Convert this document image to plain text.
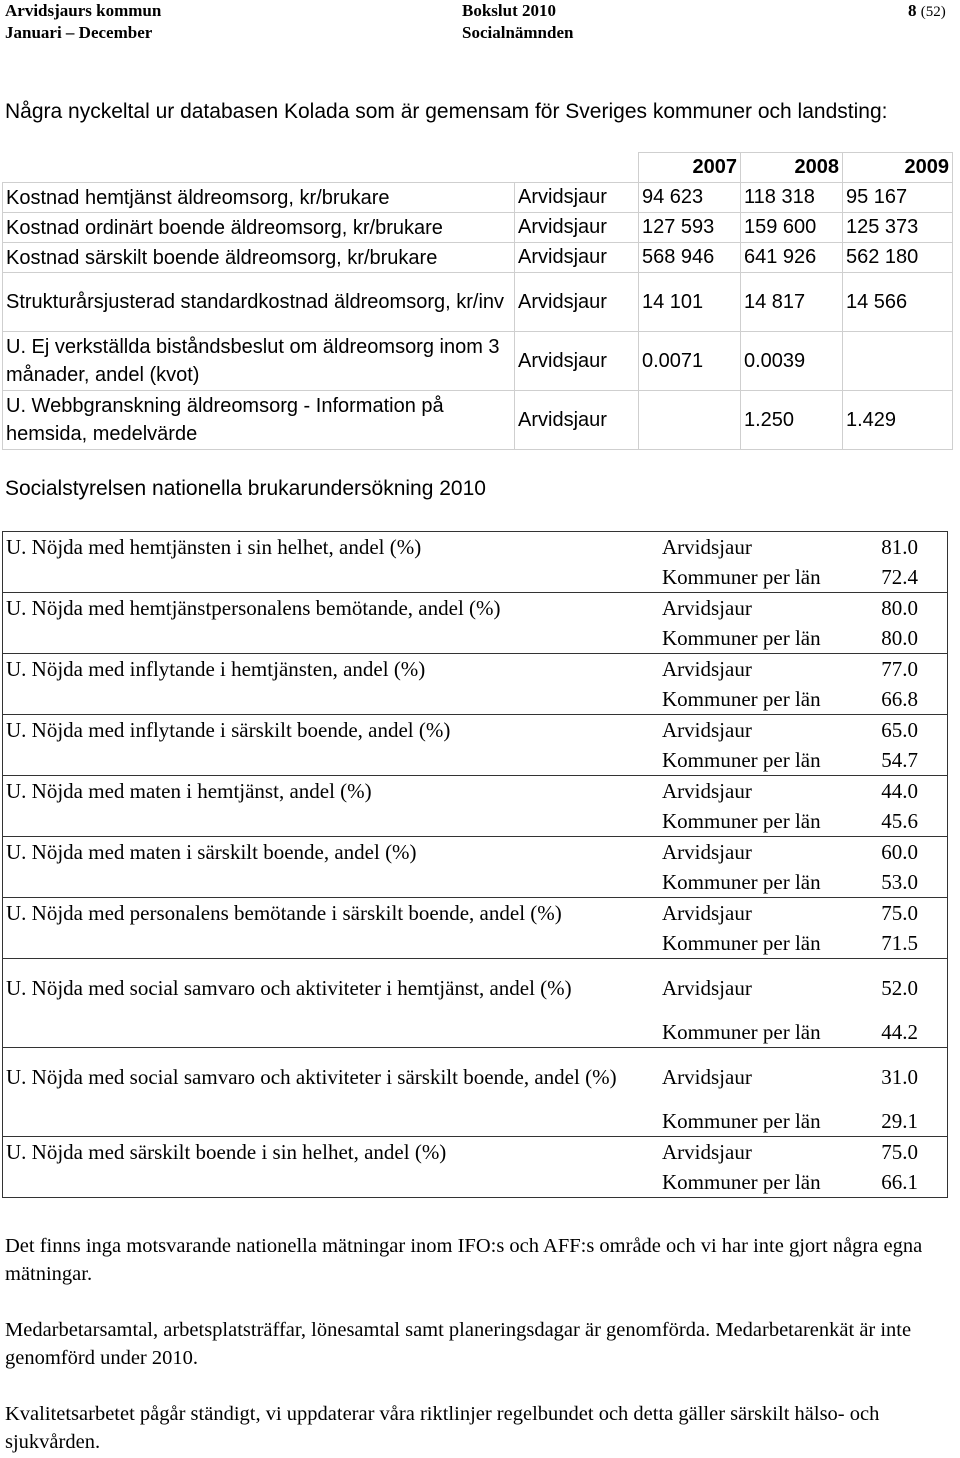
Arvidsjaurs kommun
Januari – December
Bokslut 2010
Socialnämnden
8 (52)
Några nyckeltal ur databasen Kolada som är gemensam för Sveriges kommuner och landsting:
		2007	2008	2009
Kostnad hemtjänst äldreomsorg, kr/brukare	Arvidsjaur	94 623	118 318	95 167
Kostnad ordinärt boende äldreomsorg, kr/brukare	Arvidsjaur	127 593	159 600	125 373
Kostnad särskilt boende äldreomsorg, kr/brukare	Arvidsjaur	568 946	641 926	562 180
Strukturårsjusterad standardkostnad äldreomsorg, kr/inv	Arvidsjaur	14 101	14 817	14 566
U. Ej verkställda biståndsbeslut om äldreomsorg inom 3 månader, andel (kvot)	Arvidsjaur	0.0071	0.0039	
U. Webbgranskning äldreomsorg - Information på hemsida, medelvärde	Arvidsjaur		1.250	1.429
Socialstyrelsen nationella brukarundersökning 2010
U. Nöjda med hemtjänsten i sin helhet, andel (%)	Arvidsjaur	81.0
	Kommuner per län	72.4
U. Nöjda med hemtjänstpersonalens bemötande, andel (%)	Arvidsjaur	80.0
	Kommuner per län	80.0
U. Nöjda med inflytande i hemtjänsten, andel (%)	Arvidsjaur	77.0
	Kommuner per län	66.8
U. Nöjda med inflytande i särskilt boende, andel (%)	Arvidsjaur	65.0
	Kommuner per län	54.7
U. Nöjda med maten i hemtjänst, andel (%)	Arvidsjaur	44.0
	Kommuner per län	45.6
U. Nöjda med maten i särskilt boende, andel (%)	Arvidsjaur	60.0
	Kommuner per län	53.0
U. Nöjda med personalens bemötande i särskilt boende, andel (%)	Arvidsjaur	75.0
	Kommuner per län	71.5
U. Nöjda med social samvaro och aktiviteter i hemtjänst, andel (%)	Arvidsjaur	52.0
	Kommuner per län	44.2
U. Nöjda med social samvaro och aktiviteter i särskilt boende, andel (%)	Arvidsjaur	31.0
	Kommuner per län	29.1
U. Nöjda med särskilt boende i sin helhet, andel (%)	Arvidsjaur	75.0
	Kommuner per län	66.1
Det finns inga motsvarande nationella mätningar inom IFO:s och AFF:s område och vi har inte gjort några egna mätningar.
Medarbetarsamtal, arbetsplatsträffar, lönesamtal samt planeringsdagar är genomförda. Medarbetarenkät är inte genomförd under 2010.
Kvalitetsarbetet pågår ständigt, vi uppdaterar våra riktlinjer regelbundet och detta gäller särskilt hälso- och sjukvården.
